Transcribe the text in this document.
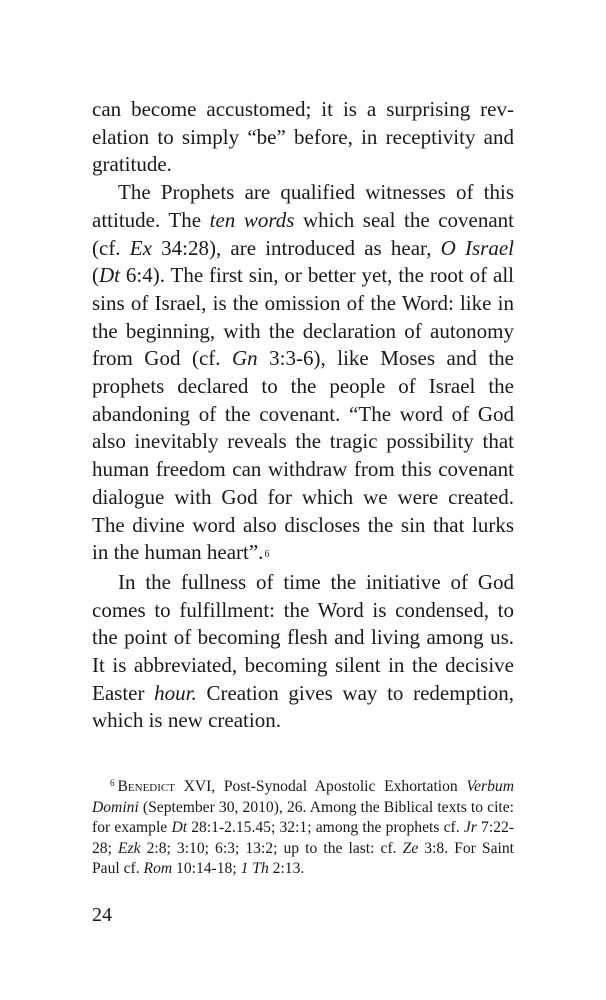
can become accustomed; it is a surprising revelation to simply “be” before, in receptivity and gratitude.

The Prophets are qualified witnesses of this attitude. The ten words which seal the covenant (cf. Ex 34:28), are introduced as hear, O Israel (Dt 6:4). The first sin, or better yet, the root of all sins of Israel, is the omission of the Word: like in the beginning, with the declaration of autonomy from God (cf. Gn 3:3-6), like Moses and the prophets declared to the people of Israel the abandoning of the covenant. “The word of God also inevitably reveals the tragic possibility that human freedom can withdraw from this covenant dialogue with God for which we were created. The divine word also discloses the sin that lurks in the human heart”.6

In the fullness of time the initiative of God comes to fulfillment: the Word is condensed, to the point of becoming flesh and living among us. It is abbreviated, becoming silent in the decisive Easter hour. Creation gives way to redemption, which is new creation.

$^6$ Benedict XVI, Post-Synodal Apostolic Exhortation Verbum Domini (September 30, 2010), 26. Among the Biblical texts to cite: for example Dt 28:1-2.15.45; 32:1; among the prophets cf. Jr 7:22-28; Ezk 2:8; 3:10; 6:3; 13:2; up to the last: cf. Ze 3:8. For Saint Paul cf. Rom 10:14-18; 1 Th 2:13.

24
